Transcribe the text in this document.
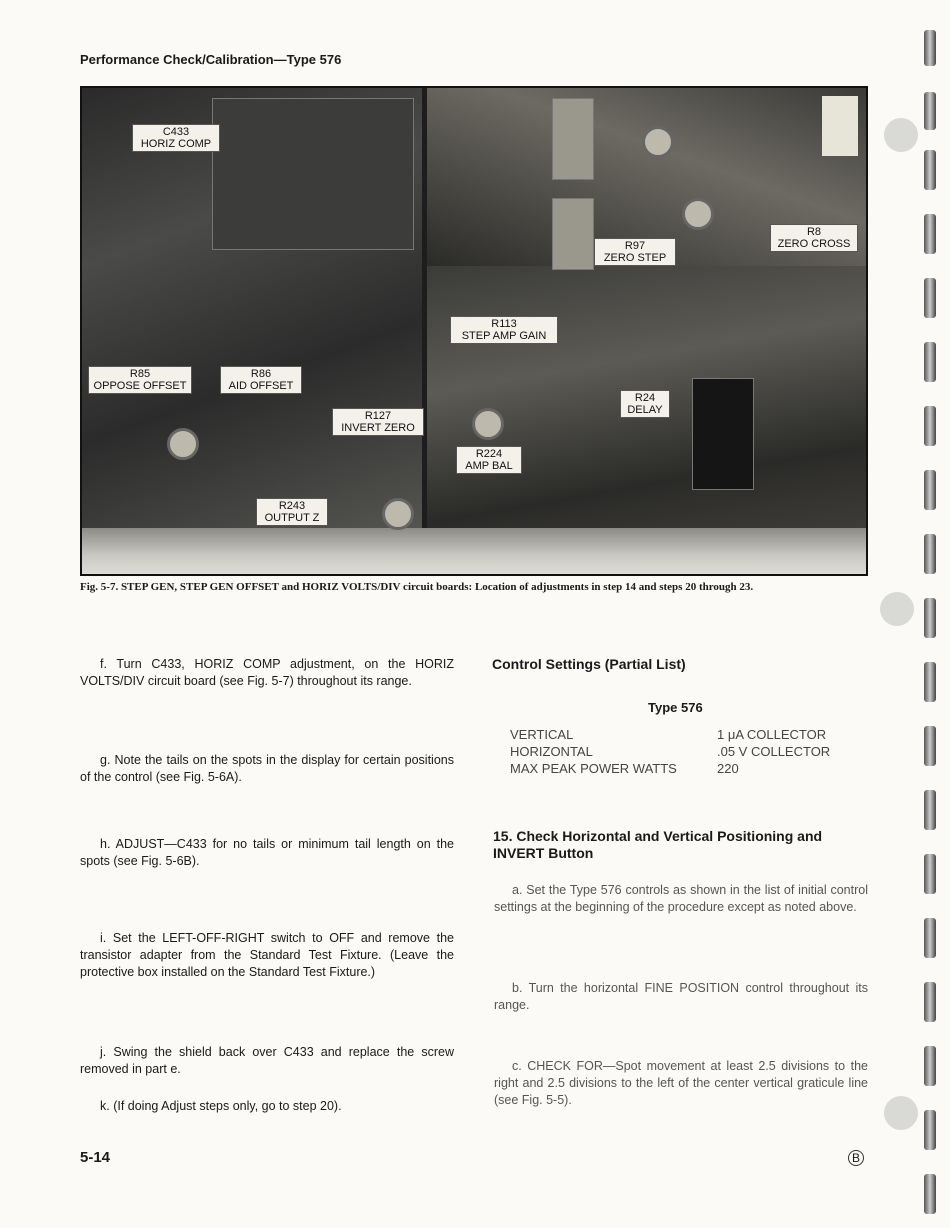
Performance Check/Calibration—Type 576
C433
HORIZ COMP
R97
ZERO STEP
R8
ZERO CROSS
R113
STEP AMP GAIN
R85
OPPOSE OFFSET
R86
AID OFFSET
R24
DELAY
R127
INVERT ZERO
R224
AMP BAL
R243
OUTPUT Z
Fig. 5-7. STEP GEN, STEP GEN OFFSET and HORIZ VOLTS/DIV circuit boards: Location of adjustments in step 14 and steps 20 through 23.
f. Turn C433, HORIZ COMP adjustment, on the HORIZ VOLTS/DIV circuit board (see Fig. 5-7) throughout its range.
g. Note the tails on the spots in the display for certain positions of the control (see Fig. 5-6A).
h. ADJUST—C433 for no tails or minimum tail length on the spots (see Fig. 5-6B).
i. Set the LEFT-OFF-RIGHT switch to OFF and remove the transistor adapter from the Standard Test Fixture. (Leave the protective box installed on the Standard Test Fixture.)
j. Swing the shield back over C433 and replace the screw removed in part e.
k. (If doing Adjust steps only, go to step 20).
Control Settings (Partial List)
Type 576
VERTICAL	1 μA COLLECTOR
HORIZONTAL	.05 V COLLECTOR
MAX PEAK POWER WATTS	220
15. Check Horizontal and Vertical Positioning and INVERT Button
a. Set the Type 576 controls as shown in the list of initial control settings at the beginning of the procedure except as noted above.
b. Turn the horizontal FINE POSITION control throughout its range.
c. CHECK FOR—Spot movement at least 2.5 divisions to the right and 2.5 divisions to the left of the center vertical graticule line (see Fig. 5-5).
5-14	B
